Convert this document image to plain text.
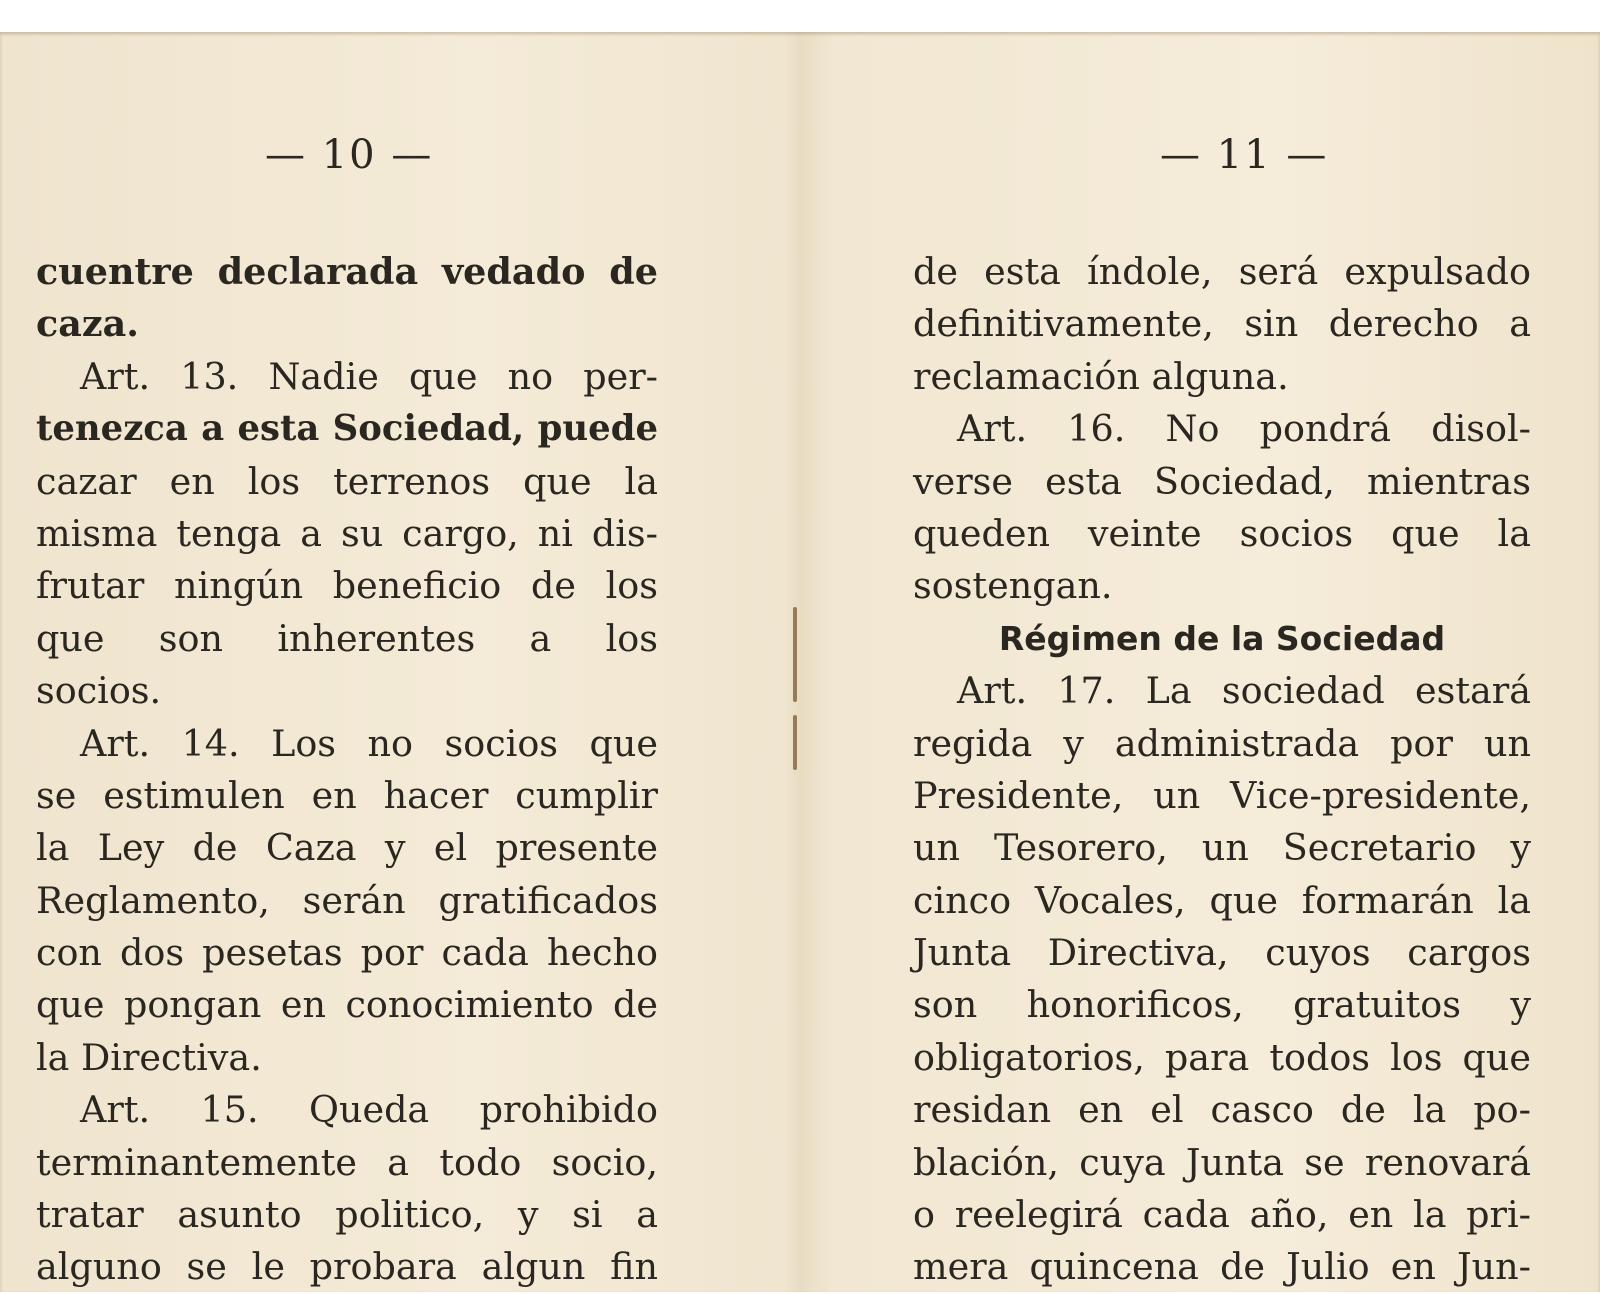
— 10 —
cuentre declarada vedado de
caza.
Art. 13. Nadie que no per-
tenezca a esta Sociedad, puede
cazar en los terrenos que la
misma tenga a su cargo, ni dis-
frutar ningún beneficio de los
que son inherentes a los
socios.
Art. 14. Los no socios que
se estimulen en hacer cumplir
la Ley de Caza y el presente
Reglamento, serán gratificados
con dos pesetas por cada hecho
que pongan en conocimiento de
la Directiva.
Art. 15. Queda prohibido
terminantemente a todo socio,
tratar asunto politico, y si a
alguno se le probara algun fin
— 11 —
de esta índole, será expulsado
definitivamente, sin derecho a
reclamación alguna.
Art. 16. No pondrá disol-
verse esta Sociedad, mientras
queden veinte socios que la
sostengan.
Régimen de la Sociedad
Art. 17. La sociedad estará
regida y administrada por un
Presidente, un Vice-presidente,
un Tesorero, un Secretario y
cinco Vocales, que formarán la
Junta Directiva, cuyos cargos
son honorificos, gratuitos y
obligatorios, para todos los que
residan en el casco de la po-
blación, cuya Junta se renovará
o reelegirá cada año, en la pri-
mera quincena de Julio en Jun-
